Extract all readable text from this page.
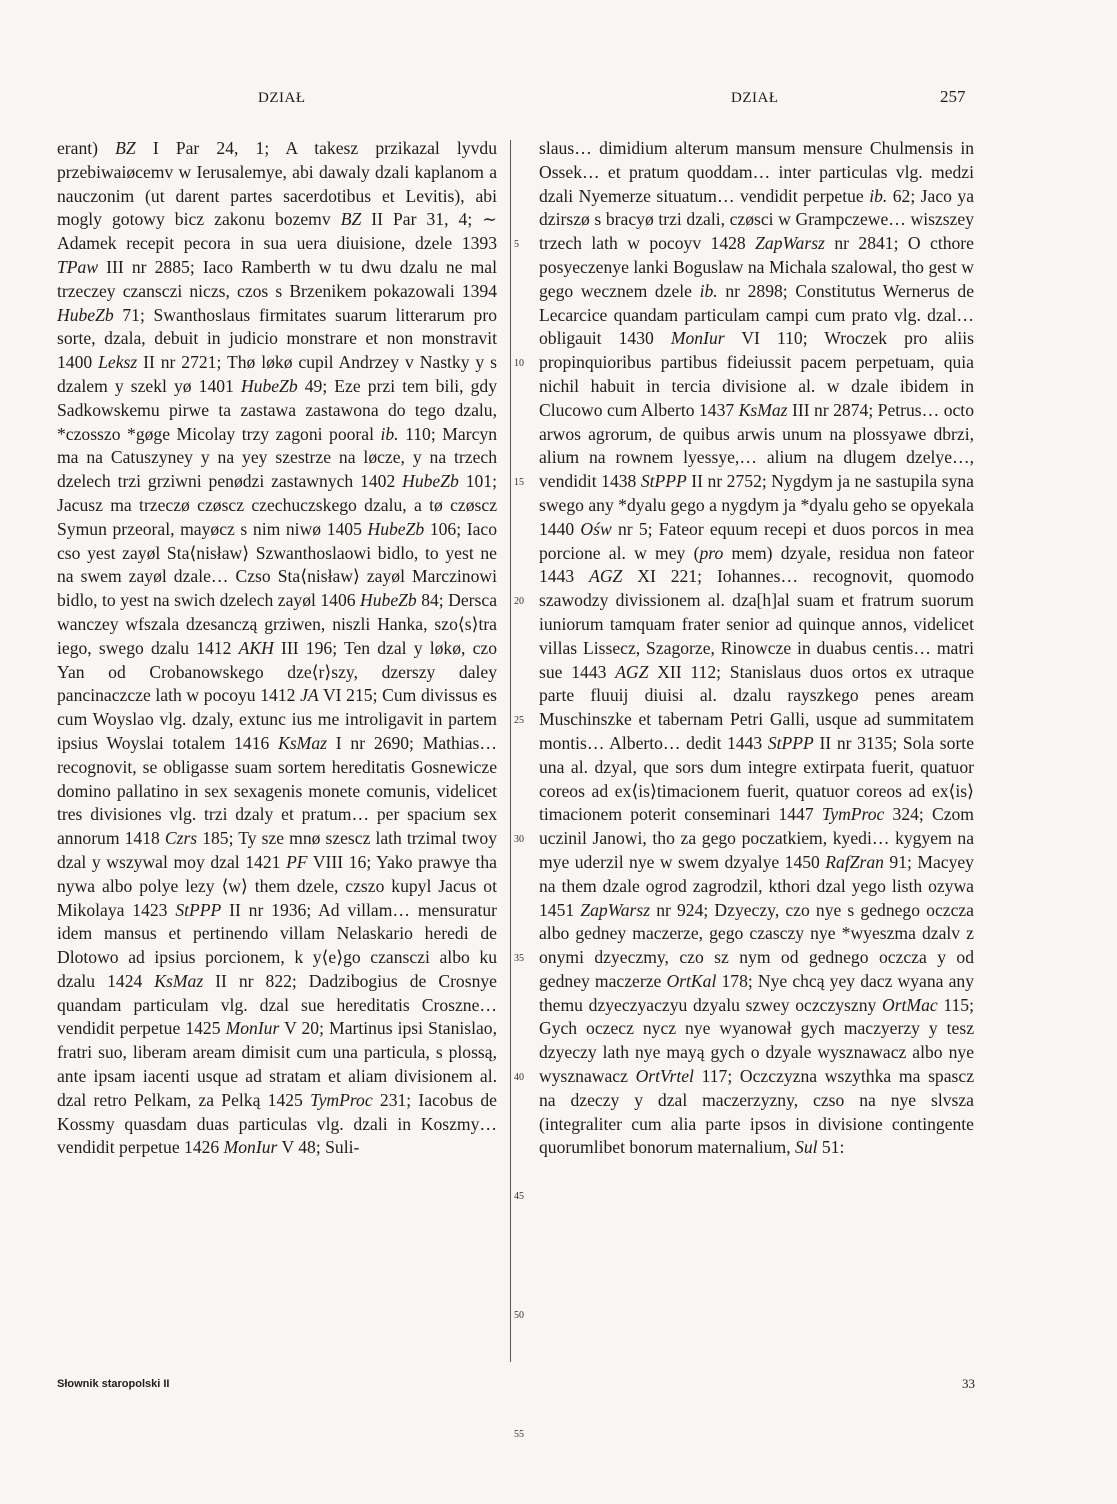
DZIAŁ	DZIAŁ	257

erant) BZ I Par 24, 1; A takesz przikazal lyvdu przebiwaiøcemv w Ierusalemye, abi dawaly dzali kaplanom a nauczonim (ut darent partes sacerdotibus et Levitis), abi mogly gotowy bicz zakonu bozemv BZ II Par 31, 4; ∼ Adamek recepit pecora in sua uera diuisione, dzele 1393 TPaw III nr 2885; Iaco Ramberth w tu dwu dzalu ne mal trzeczey czansczi niczs, czos s Brzenikem pokazowali 1394 HubeZb 71; Swanthoslaus firmitates suarum litterarum pro sorte, dzala, debuit in judicio monstrare et non monstravit 1400 Leksz II nr 2721; Thø løkø cupil Andrzey v Nastky y s dzalem y szekl yø 1401 HubeZb 49; Eze przi tem bili, gdy Sadkowskemu pirwe ta zastawa zastawona do tego dzalu, *czosszo *gøge Micolay trzy zagoni pooral ib. 110; Marcyn ma na Catuszyney y na yey szestrze na løcze, y na trzech dzelech trzi grziwni penødzi zastawnych 1402 HubeZb 101; Jacusz ma trzeczø czøscz czechuczskego dzalu, a tø czøscz Symun przeoral, mayøcz s nim niwø 1405 HubeZb 106; Iaco cso yest zayøl Sta⟨nisław⟩ Szwanthoslaowi bidlo, to yest ne na swem zayøl dzale… Czso Sta⟨nisław⟩ zayøl Marczinowi bidlo, to yest na swich dzelech zayøl 1406 HubeZb 84; Dersca wanczey wfszala dzesanczą grziwen, niszli Hanka, szo⟨s⟩tra iego, swego dzalu 1412 AKH III 196; Ten dzal y løkø, czo Yan od Crobanowskego dze⟨r⟩szy, dzerszy daley pancinaczcze lath w pocoyu 1412 JA VI 215; Cum divissus es cum Woyslao vlg. dzaly, extunc ius me introligavit in partem ipsius Woyslai totalem 1416 KsMaz I nr 2690; Mathias… recognovit, se obligasse suam sortem hereditatis Gosnewicze domino pallatino in sex sexagenis monete comunis, videlicet tres divisiones vlg. trzi dzaly et pratum… per spacium sex annorum 1418 Czrs 185; Ty sze mnø szescz lath trzimal twoy dzal y wszywal moy dzal 1421 PF VIII 16; Yako prawye tha nywa albo polye lezy ⟨w⟩ them dzele, czszo kupyl Jacus ot Mikolaya 1423 StPPP II nr 1936; Ad villam… mensuratur idem mansus et pertinendo villam Nelaskario heredi de Dlotowo ad ipsius porcionem, k y⟨e⟩go czansczi albo ku dzalu 1424 KsMaz II nr 822; Dadzibogius de Crosnye quandam particulam vlg. dzal sue hereditatis Croszne… vendidit perpetue 1425 MonIur V 20; Martinus ipsi Stanislao, fratri suo, liberam aream dimisit cum una particula, s plossą, ante ipsam iacenti usque ad stratam et aliam divisionem al. dzal retro Pelkam, za Pelką 1425 TymProc 231; Iacobus de Kossmy quasdam duas particulas vlg. dzali in Koszmy… vendidit perpetue 1426 MonIur V 48; Suli-

5
10
15
20
25
30
35
40
45
50
55

slaus… dimidium alterum mansum mensure Chulmensis in Ossek… et pratum quoddam… inter particulas vlg. medzi dzali Nyemerze situatum… vendidit perpetue ib. 62; Jaco ya dzirszø s bracyø trzi dzali, czøsci w Grampczewe… wiszszey trzech lath w pocoyv 1428 ZapWarsz nr 2841; O cthore posyeczenye lanki Boguslaw na Michala szalowal, tho gest w gego wecznem dzele ib. nr 2898; Constitutus Wernerus de Lecarcice quandam particulam campi cum prato vlg. dzal… obligauit 1430 MonIur VI 110; Wroczek pro aliis propinquioribus partibus fideiussit pacem perpetuam, quia nichil habuit in tercia divisione al. w dzale ibidem in Clucowo cum Alberto 1437 KsMaz III nr 2874; Petrus… octo arwos agrorum, de quibus arwis unum na plossyawe dbrzi, alium na rownem lyessye,… alium na dlugem dzelye…, vendidit 1438 StPPP II nr 2752; Nygdym ja ne sastupila syna swego any *dyalu gego a nygdym ja *dyalu geho se opyekala 1440 Ośw nr 5; Fateor equum recepi et duos porcos in mea porcione al. w mey (pro mem) dzyale, residua non fateor 1443 AGZ XI 221; Iohannes… recognovit, quomodo szawodzy divissionem al. dza[h]al suam et fratrum suorum iuniorum tamquam frater senior ad quinque annos, videlicet villas Lissecz, Szagorze, Rinowcze in duabus centis… matri sue 1443 AGZ XII 112; Stanislaus duos ortos ex utraque parte fluuij diuisi al. dzalu rayszkego penes aream Muschinszke et tabernam Petri Galli, usque ad summitatem montis… Alberto… dedit 1443 StPPP II nr 3135; Sola sorte una al. dzyal, que sors dum integre extirpata fuerit, quatuor coreos ad ex⟨is⟩timacionem fuerit, quatuor coreos ad ex⟨is⟩timacionem poterit conseminari 1447 TymProc 324; Czom uczinil Janowi, tho za gego poczatkiem, kyedi… kygyem na mye uderzil nye w swem dzyalye 1450 RafZran 91; Macyey na them dzale ogrod zagrodzil, kthori dzal yego listh ozywa 1451 ZapWarsz nr 924; Dzyeczy, czo nye s gednego oczcza albo gedney maczerze, gego czasczy nye *wyeszma dzalv z onymi dzyeczmy, czo sz nym od gednego oczcza y od gedney maczerze OrtKal 178; Nye chcą yey dacz wyana any themu dzyeczyaczyu dzyalu szwey oczczyszny OrtMac 115; Gych oczecz nycz nye wyanował gych maczyerzy y tesz dzyeczy lath nye mayą gych o dzyale wysznawacz albo nye wysznawacz OrtVrtel 117; Oczczyzna wszythka ma spascz na dzeczy y dzal maczerzyzny, czso na nye slvsza (integraliter cum alia parte ipsos in divisione contingente quorumlibet bonorum maternalium, Sul 51:

Słownik staropolski II	33
